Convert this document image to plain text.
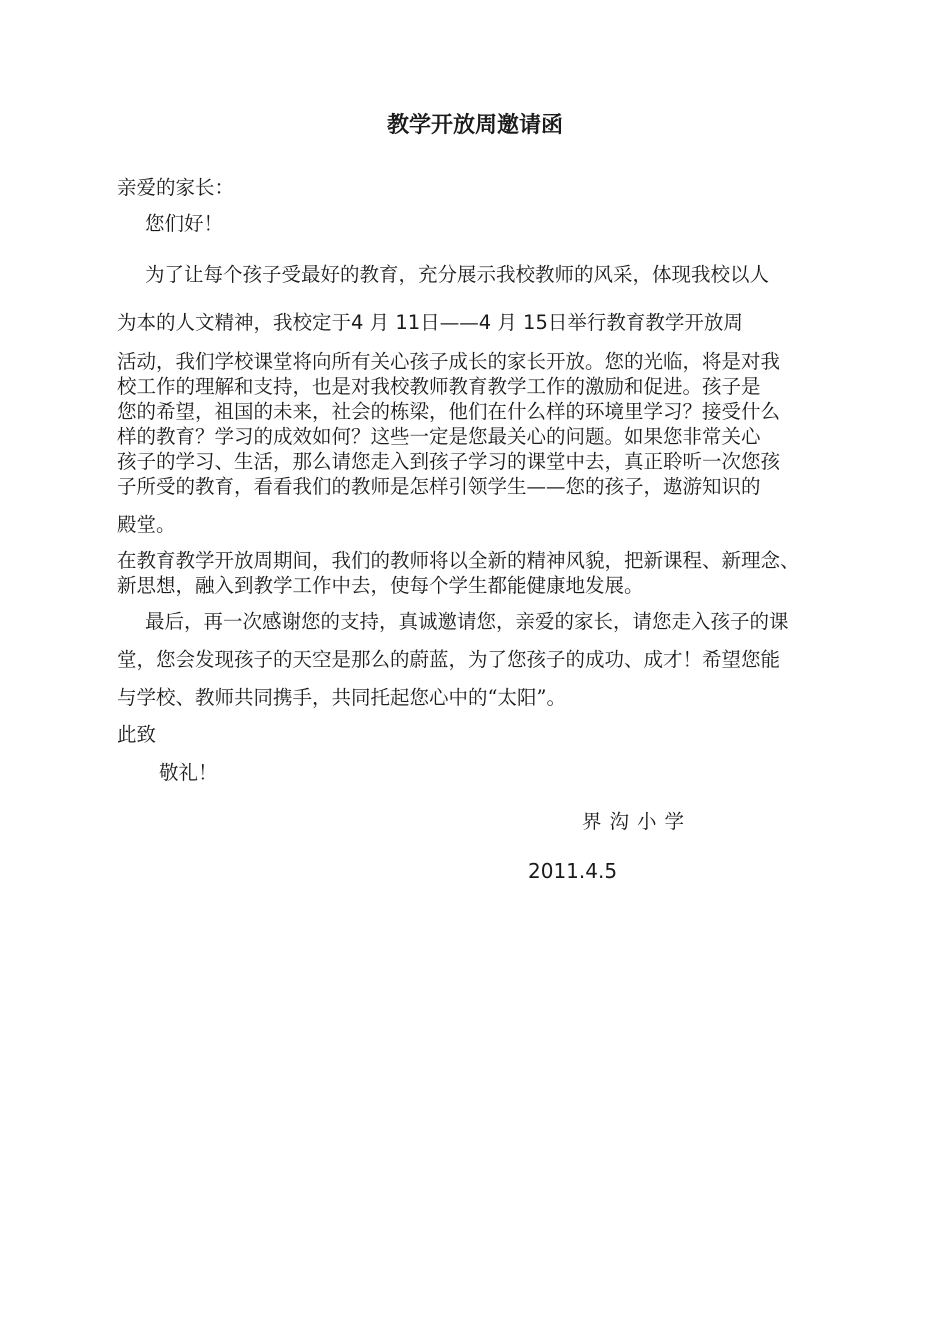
教学开放周邀请函
亲爱的家长：
您们好！
为了让每个孩子受最好的教育，充分展示我校教师的风采，体现我校以人
为本的人文精神，我校定于4 月 11日——4 月 15日举行教育教学开放周
活动，我们学校课堂将向所有关心孩子成长的家长开放。您的光临，将是对我
校工作的理解和支持，也是对我校教师教育教学工作的激励和促进。孩子是
您的希望，祖国的未来，社会的栋梁，他们在什么样的环境里学习？接受什么
样的教育？学习的成效如何？这些一定是您最关心的问题。如果您非常关心
孩子的学习、生活，那么请您走入到孩子学习的课堂中去，真正聆听一次您孩
子所受的教育，看看我们的教师是怎样引领学生——您的孩子，遨游知识的
殿堂。
在教育教学开放周期间，我们的教师将以全新的精神风貌，把新课程、新理念、
新思想，融入到教学工作中去，使每个学生都能健康地发展。
最后，再一次感谢您的支持，真诚邀请您，亲爱的家长，请您走入孩子的课
堂，您会发现孩子的天空是那么的蔚蓝，为了您孩子的成功、成才！希望您能
与学校、教师共同携手，共同托起您心中的“太阳”。
此致
敬礼！
界沟小学
2011.4.5
